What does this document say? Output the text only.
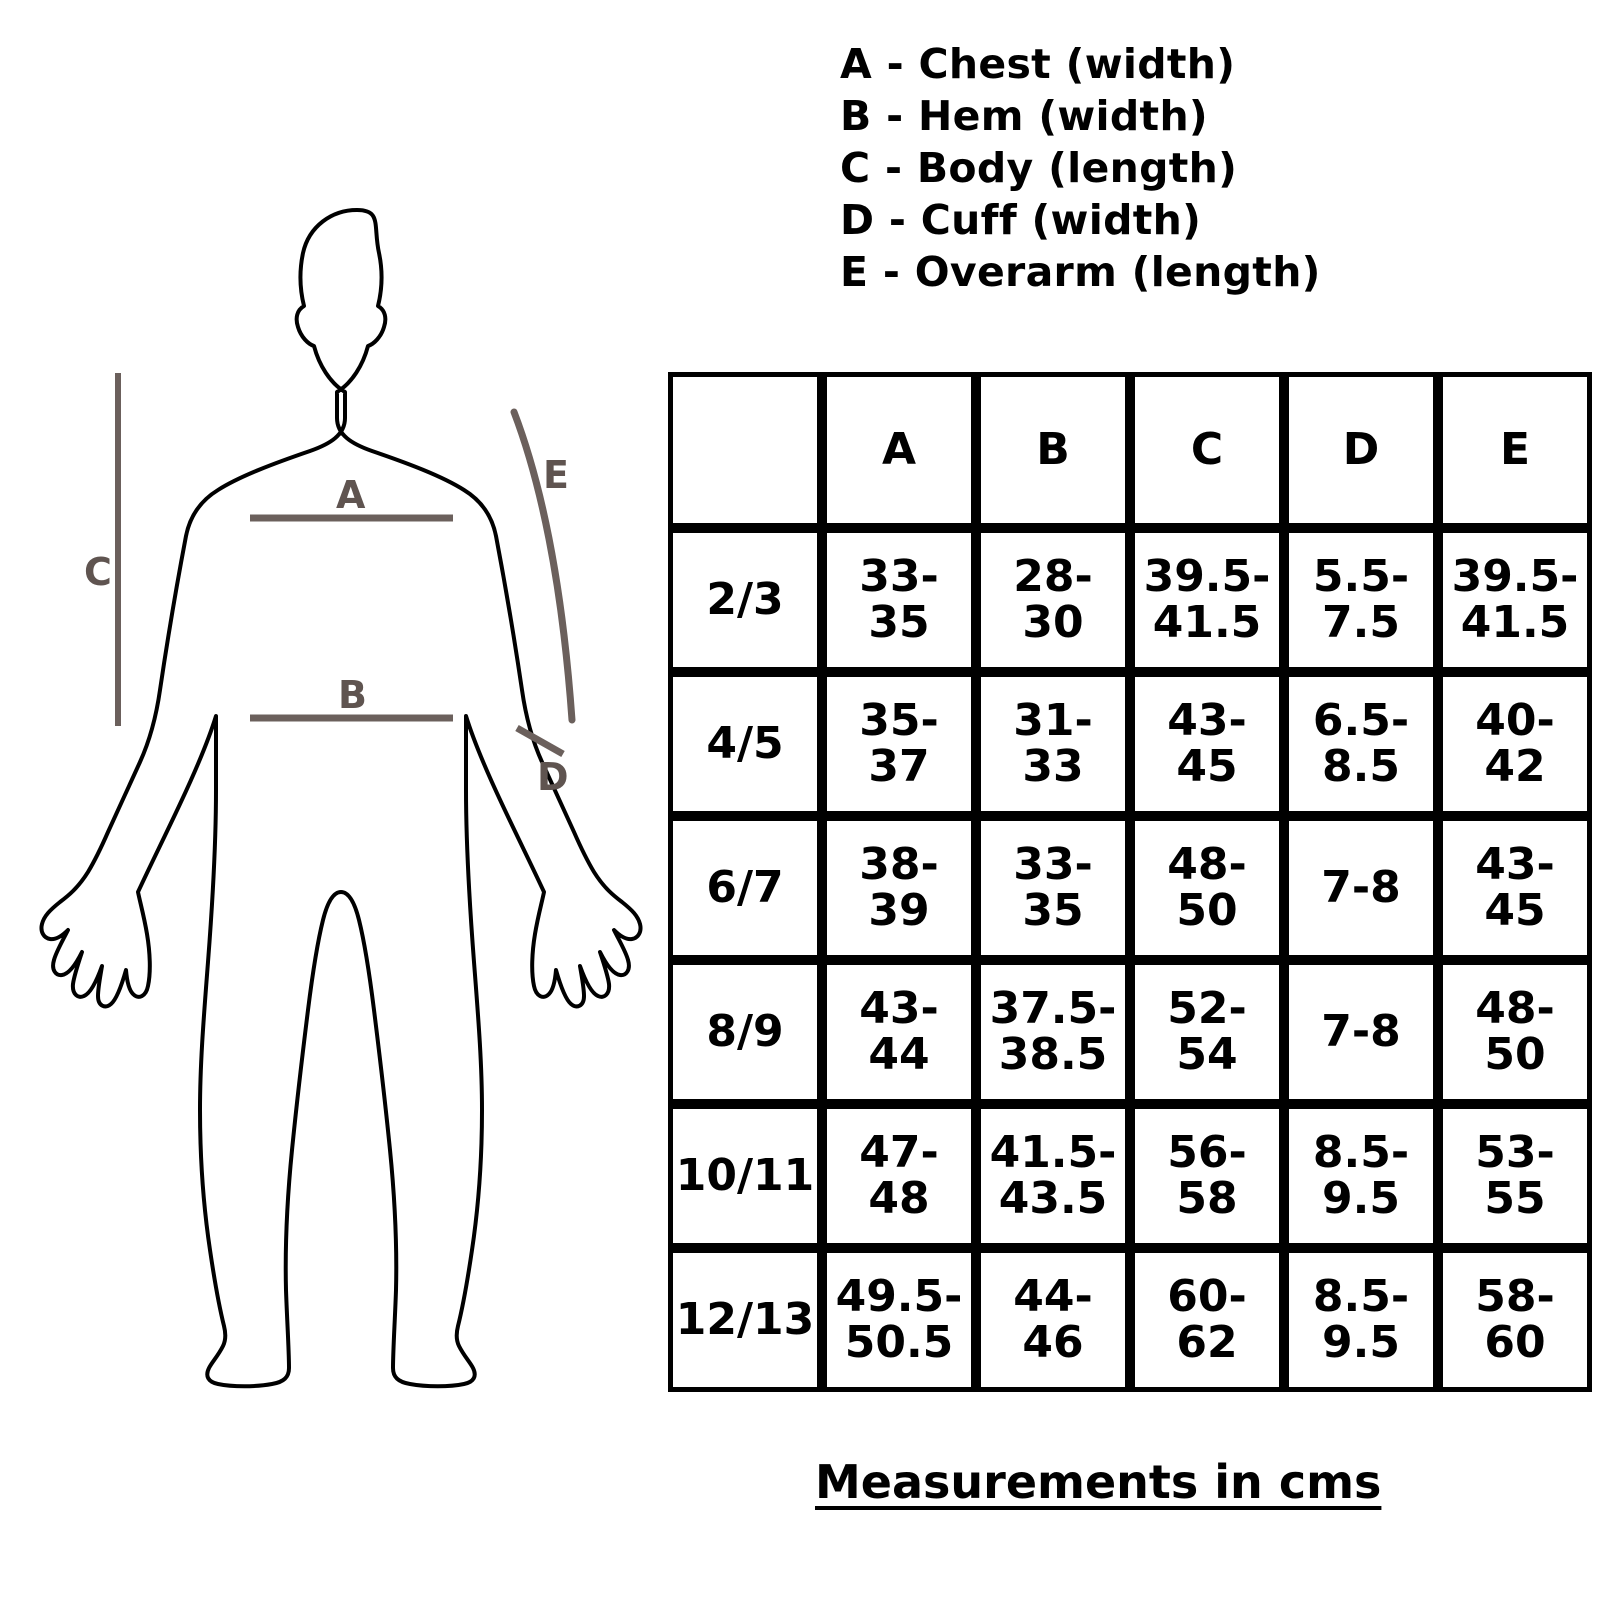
A - Chest (width)
B - Hem (width)
C - Body (length)
D - Cuff (width)
E - Overarm (length)
C
A
B
E
D
	A	B	C	D	E
2/3	33-35	28-30	39.5-41.5	5.5-7.5	39.5-41.5

4/5	35-37	31-33	43-45	6.5-8.5	40-42

6/7	38-39	33-35	48-50	7-8	43-45

8/9	43-44	37.5-38.5	52-54	7-8	48-50

10/11	47-48	41.5-43.5	56-58	8.5-9.5	53-55

12/13	49.5-50.5	44-46	60-62	8.5-9.5	58-60
Measurements in cms
